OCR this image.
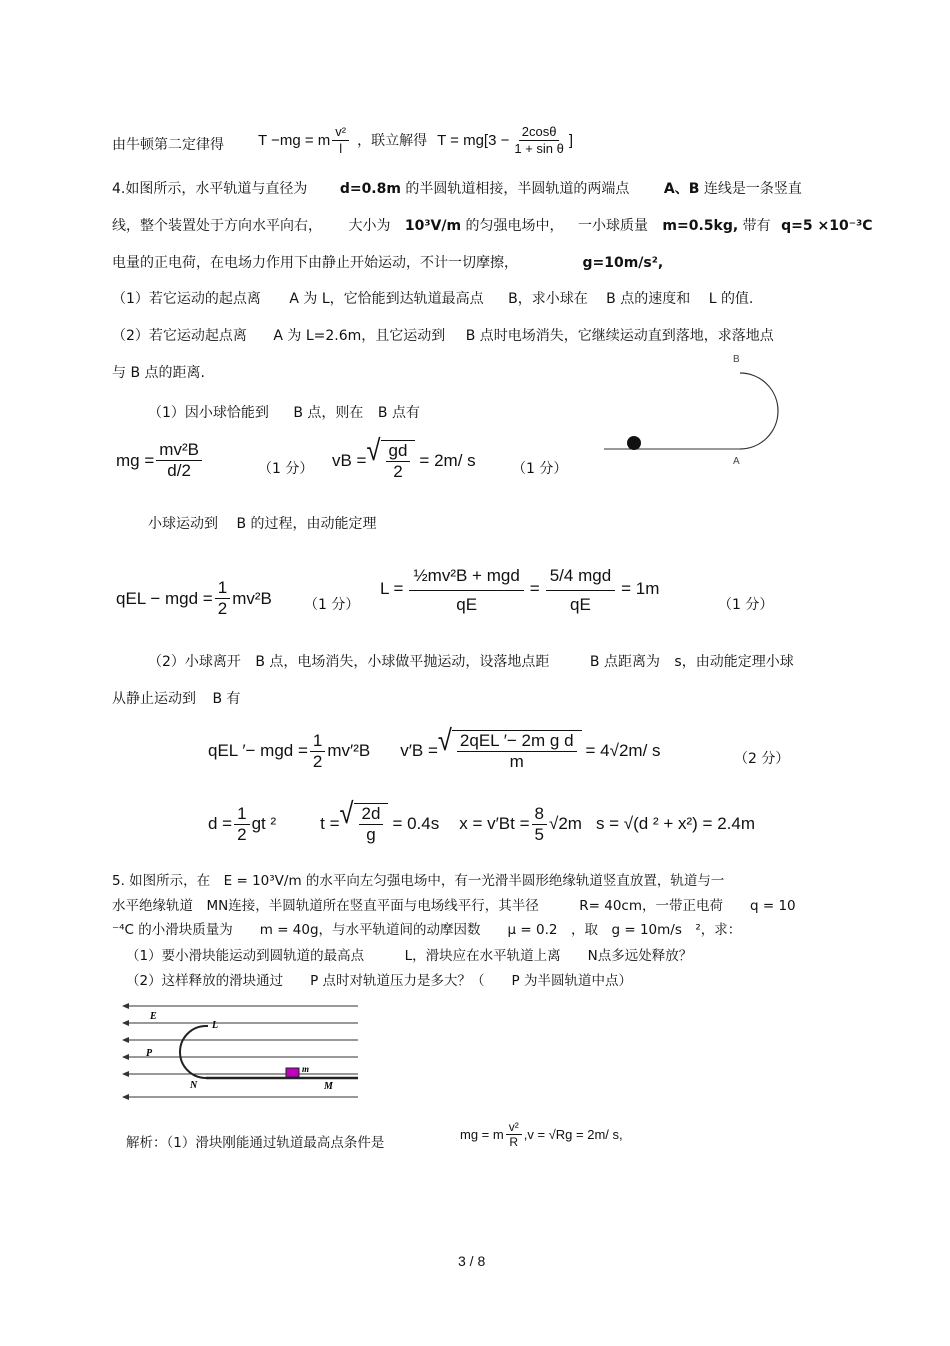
由牛顿第二定律得 T −mg = m $\frac{\text{v²}}{l}$ ，联立解得 $T = mg[3 - \frac{2\cos\theta}{\text{1 + sin θ}}$ ]
4.如图所示，水平轨道与直径为 d=0.8m 的半圆轨道相接，半圆轨道的两端点 A、B 连线是一条竖直
线，整个装置处于方向水平向右， 大小为 10³V/m 的匀强电场中， 一小球质量 m=0.5kg, 带有 q=5 ×10⁻³C
电量的正电荷，在电场力作用下由静止开始运动，不计一切摩擦，	g=10m/s²,
（1）若它运动的起点离 A 为 L，它恰能到达轨道最高点 B，求小球在 B 点的速度和 L 的值.
（2）若它运动起点离 A 为 L=2.6m，且它运动到 B 点时电场消失，它继续运动直到落地，求落地点
与 B 点的距离.
B
A
（1）因小球恰能到 B 点，则在 B 点有
mg = $\frac{\text{mv²B}}{d/2}$	（1 分） vB = √ $\frac{gd}{2} = 2m/$ s	（1 分）
小球运动到 B 的过程，由动能定理
qEL − mgd = $\frac{1}{2} mv^2B$ （1 分）
$L = \frac{\text{½mv²B + mgd}}{qE} = \frac{\text{5/4 mgd}}{qE} = 1m$
（1 分）
（2）小球离开 B 点，电场消失，小球做平抛运动，设落地点距	B 点距离为 s，由动能定理小球
从静止运动到 B 有
qEL ′− mgd = $\frac{1}{2} mv'^2B$ v′B = √ $\frac{\text{2qEL ′− 2m g d}}{m} = 4√2m/$ s	（2 分）
$d = \frac{1}{2}$ gt ²	t = √ $\frac{2d}{g} = 0.4s$ $x = v'Bt = \frac{8}{5} √2m$ s = √(d ² + x²) = 2.4m
5. 如图所示，在　E = 10³V/m 的水平向左匀强电场中，有一光滑半圆形绝缘轨道竖直放置，轨道与一
水平绝缘轨道　MN连接，半圆轨道所在竖直平面与电场线平行，其半径　　　R= 40cm，一带正电荷　　q = 10
⁻⁴C 的小滑块质量为　　m = 40g，与水平轨道间的动摩因数　　μ = 0.2　，取　g = 10m/s　²，求：
（1）要小滑块能运动到圆轨道的最高点　　　L，滑块应在水平轨道上离　　N点多远处释放？
（2）这样释放的滑块通过　　P 点时对轨道压力是多大？（　　P 为半圆轨道中点）
E
L
P
N
m
M
解析：（1）滑块刚能通过轨道最高点条件是
mg = m $\frac{\text{v²}}{R} ,v = √Rg = 2m/$ s,
3 / 8
